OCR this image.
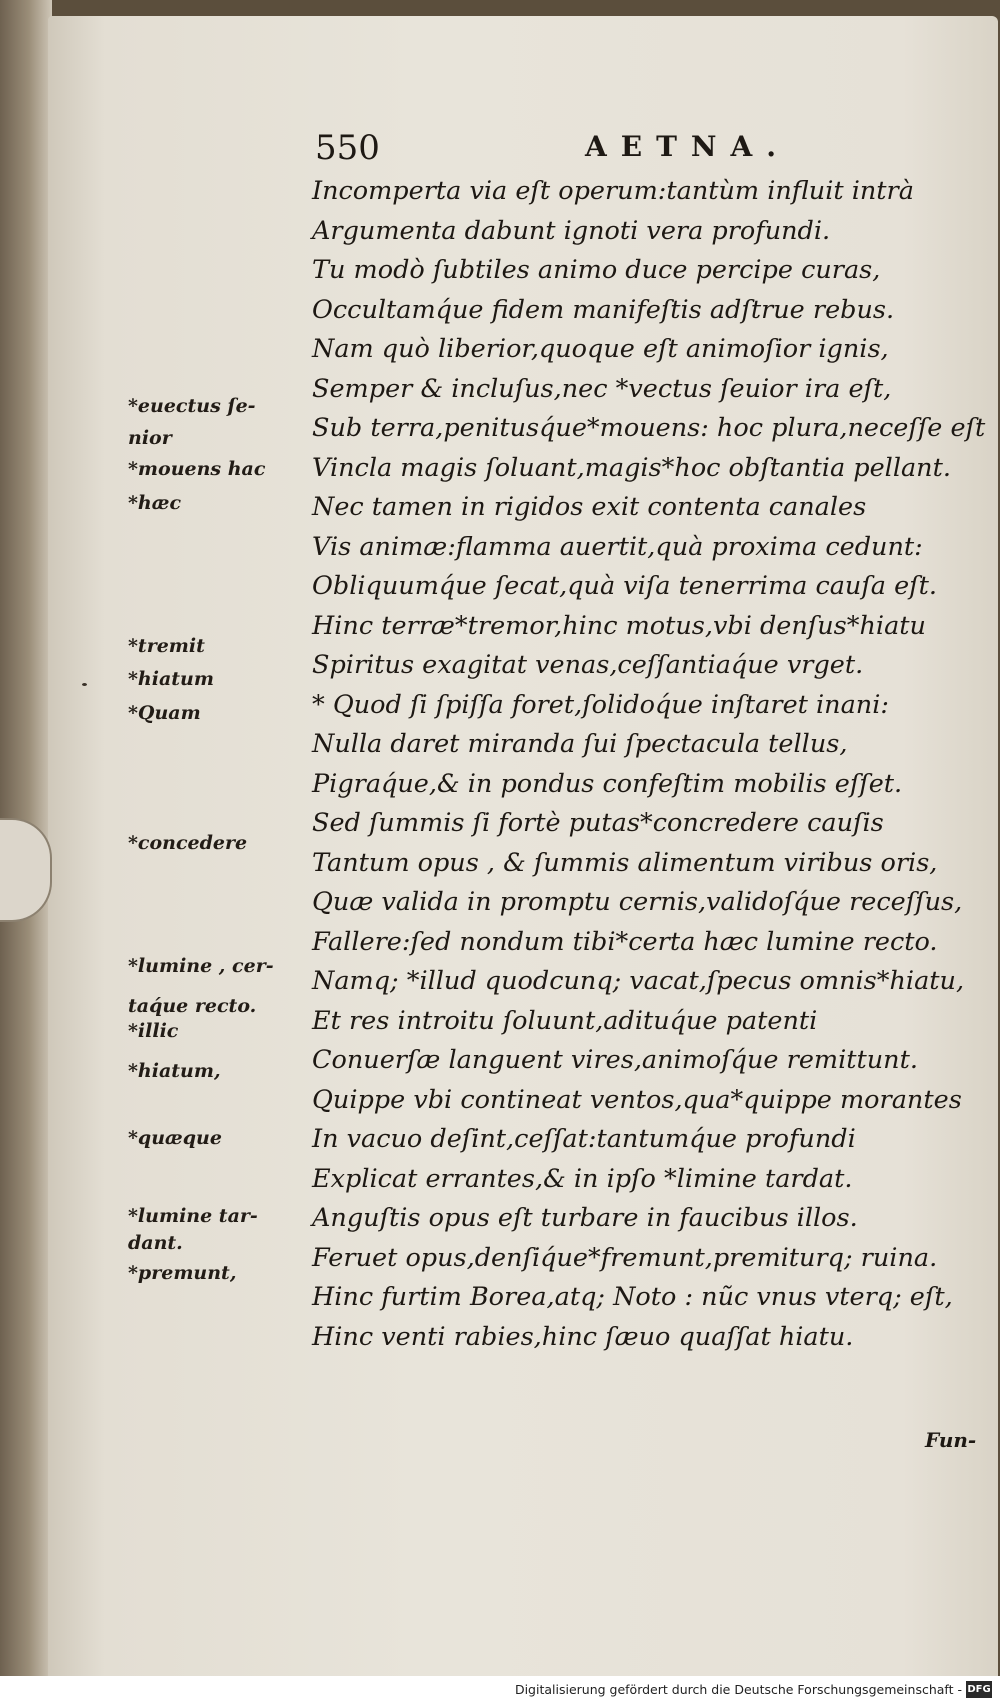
550	AETNA.
Incomperta via eſt operum:tantùm influit intrà
Argumenta dabunt ignoti vera profundi.
Tu modò ſubtiles animo duce percipe curas,
Occultamq́ue fidem manifeſtis adſtrue rebus.
Nam quò liberior,quoque eſt animoſior ignis,
Semper & incluſus,nec *vectus ſeuior ira eſt,
Sub terra,penitusq́ue*mouens: hoc plura,neceſſe eſt
Vincla magis ſoluant,magis*hoc obſtantia pellant.
Nec tamen in rigidos exit contenta canales
Vis animæ:flamma auertit,quà proxima cedunt:
Obliquumq́ue ſecat,quà viſa tenerrima cauſa eſt.
Hinc terræ*tremor,hinc motus,vbi denſus*hiatu
Spiritus exagitat venas,ceſſantiaq́ue vrget.
* Quod ſi ſpiſſa foret,ſolidoq́ue inſtaret inani:
Nulla daret miranda ſui ſpectacula tellus,
Pigraq́ue,& in pondus confeſtim mobilis eſſet.
Sed ſummis ſi fortè putas*concredere cauſis
Tantum opus , & ſummis alimentum viribus oris,
Quæ valida in promptu cernis,validoſq́ue receſſus,
Fallere:ſed nondum tibi*certa hæc lumine recto.
Namq; *illud quodcunq; vacat,ſpecus omnis*hiatu,
Et res introitu ſoluunt,adituq́ue patenti
Conuerſæ languent vires,animoſq́ue remittunt.
Quippe vbi contineat ventos,qua*quippe morantes
In vacuo deſint,ceſſat:tantumq́ue profundi
Explicat errantes,& in ipſo *limine tardat.
Anguſtis opus eſt turbare in faucibus illos.
Feruet opus,denſiq́ue*fremunt,premiturq; ruina.
Hinc furtim Borea,atq; Noto : nũc vnus vterq; eſt,
Hinc venti rabies,hinc ſæuo quaſſat hiatu.
*euectus ſe-
nior
*mouens hac
*hæc
*tremit
*hiatum
*Quam
*concedere
*lumine , cer-
taq́ue recto.
*illic
*hiatum,
*quæque
*lumine tar-
dant.
*premunt,
Fun-
Digitalisierung gefördert durch die Deutsche Forschungsgemeinschaft - DFG
